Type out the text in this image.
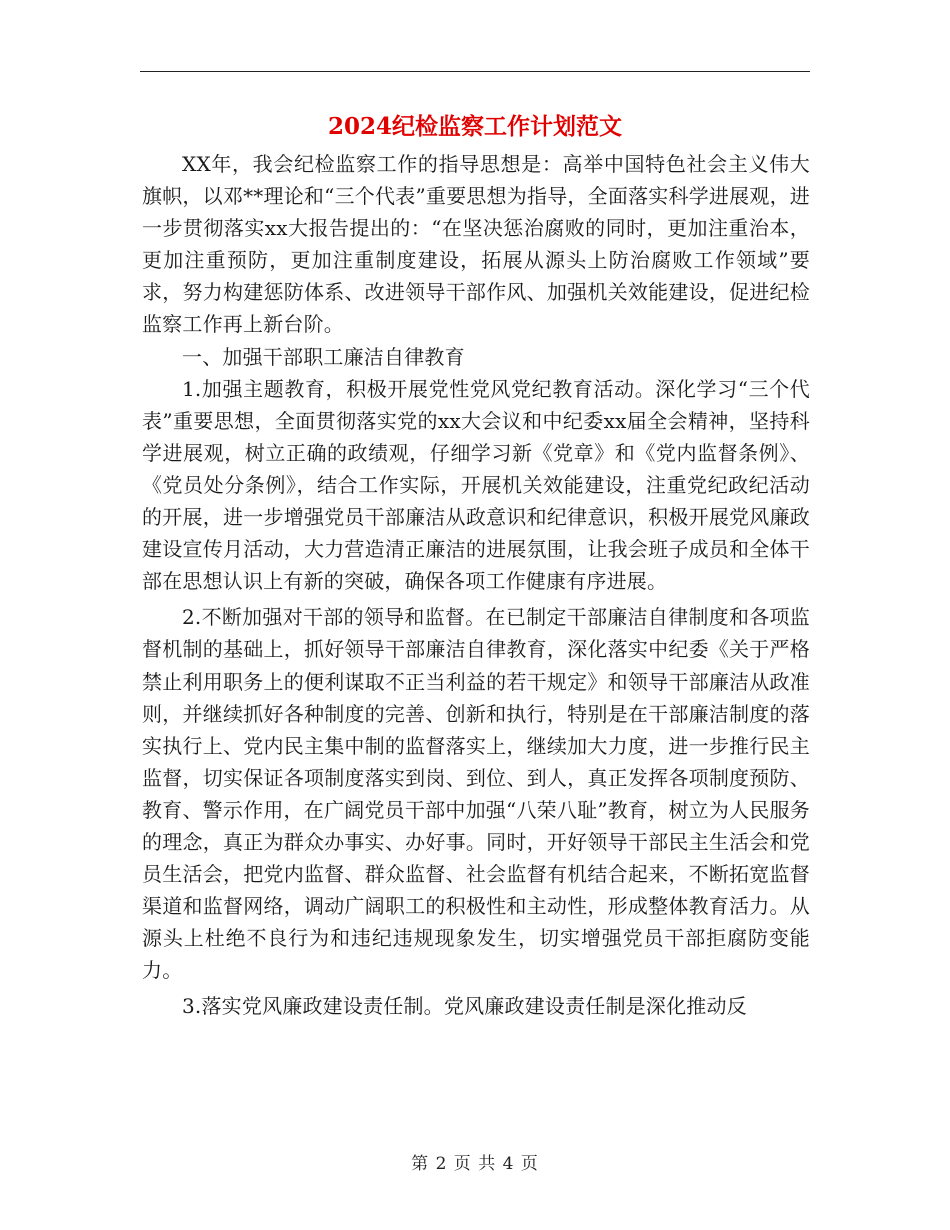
2024纪检监察工作计划范文

XX年，我会纪检监察工作的指导思想是：高举中国特色社会主义伟大旗帜，以邓**理论和“三个代表”重要思想为指导，全面落实科学进展观，进一步贯彻落实xx大报告提出的：“在坚决惩治腐败的同时，更加注重治本，更加注重预防，更加注重制度建设，拓展从源头上防治腐败工作领域”要求，努力构建惩防体系、改进领导干部作风、加强机关效能建设，促进纪检监察工作再上新台阶。

一、加强干部职工廉洁自律教育

1.加强主题教育，积极开展党性党风党纪教育活动。深化学习“三个代表”重要思想，全面贯彻落实党的xx大会议和中纪委xx届全会精神，坚持科学进展观，树立正确的政绩观，仔细学习新《党章》和《党内监督条例》、《党员处分条例》，结合工作实际，开展机关效能建设，注重党纪政纪活动的开展，进一步增强党员干部廉洁从政意识和纪律意识，积极开展党风廉政建设宣传月活动，大力营造清正廉洁的进展氛围，让我会班子成员和全体干部在思想认识上有新的突破，确保各项工作健康有序进展。

2.不断加强对干部的领导和监督。在已制定干部廉洁自律制度和各项监督机制的基础上，抓好领导干部廉洁自律教育，深化落实中纪委《关于严格禁止利用职务上的便利谋取不正当利益的若干规定》和领导干部廉洁从政准则，并继续抓好各种制度的完善、创新和执行，特别是在干部廉洁制度的落实执行上、党内民主集中制的监督落实上，继续加大力度，进一步推行民主监督，切实保证各项制度落实到岗、到位、到人，真正发挥各项制度预防、教育、警示作用，在广阔党员干部中加强“八荣八耻”教育，树立为人民服务的理念，真正为群众办事实、办好事。同时，开好领导干部民主生活会和党员生活会，把党内监督、群众监督、社会监督有机结合起来，不断拓宽监督渠道和监督网络，调动广阔职工的积极性和主动性，形成整体教育活力。从源头上杜绝不良行为和违纪违规现象发生，切实增强党员干部拒腐防变能力。

3.落实党风廉政建设责任制。党风廉政建设责任制是深化推动反

第 2 页 共 4 页
